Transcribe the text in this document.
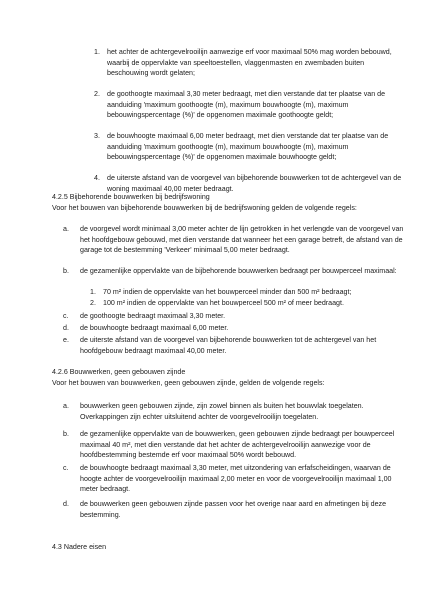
1. het achter de achtergevelrooilijn aanwezige erf voor maximaal 50% mag worden bebouwd, waarbij de oppervlakte van speeltoestellen, vlaggenmasten en zwembaden buiten beschouwing wordt gelaten;
2. de goothoogte maximaal 3,30 meter bedraagt, met dien verstande dat ter plaatse van de aanduiding 'maximum goothoogte (m), maximum bouwhoogte (m), maximum bebouwingspercentage (%)' de opgenomen maximale goothoogte geldt;
3. de bouwhoogte maximaal 6,00 meter bedraagt, met dien verstande dat ter plaatse van de aanduiding 'maximum goothoogte (m), maximum bouwhoogte (m), maximum bebouwingspercentage (%)' de opgenomen maximale bouwhoogte geldt;
4. de uiterste afstand van de voorgevel van bijbehorende bouwwerken tot de achtergevel van de woning maximaal 40,00 meter bedraagt.
4.2.5 Bijbehorende bouwwerken bij bedrijfswoning
Voor het bouwen van bijbehorende bouwwerken bij de bedrijfswoning gelden de volgende regels:
a. de voorgevel wordt minimaal 3,00 meter achter de lijn getrokken in het verlengde van de voorgevel van het hoofdgebouw gebouwd, met dien verstande dat wanneer het een garage betreft, de afstand van de garage tot de bestemming 'Verkeer' minimaal 5,00 meter bedraagt.
b. de gezamenlijke oppervlakte van de bijbehorende bouwwerken bedraagt per bouwperceel maximaal:
1. 70 m² indien de oppervlakte van het bouwperceel minder dan 500 m² bedraagt;
2. 100 m² indien de oppervlakte van het bouwperceel 500 m² of meer bedraagt.
c. de goothoogte bedraagt maximaal 3,30 meter.
d. de bouwhoogte bedraagt maximaal 6,00 meter.
e. de uiterste afstand van de voorgevel van bijbehorende bouwwerken tot de achtergevel van het hoofdgebouw bedraagt maximaal 40,00 meter.
4.2.6 Bouwwerken, geen gebouwen zijnde
Voor het bouwen van bouwwerken, geen gebouwen zijnde, gelden de volgende regels:
a. bouwwerken geen gebouwen zijnde, zijn zowel binnen als buiten het bouwvlak toegelaten. Overkappingen zijn echter uitsluitend achter de voorgevelrooilijn toegelaten.
b. de gezamenlijke oppervlakte van de bouwwerken, geen gebouwen zijnde bedraagt per bouwperceel maximaal 40 m², met dien verstande dat het achter de achtergevelrooilijn aanwezige voor de hoofdbestemming bestemde erf voor maximaal 50% wordt bebouwd.
c. de bouwhoogte bedraagt maximaal 3,30 meter, met uitzondering van erfafscheidingen, waarvan de hoogte achter de voorgevelrooilijn maximaal 2,00 meter en voor de voorgevelrooilijn maximaal 1,00 meter bedraagt.
d. de bouwwerken geen gebouwen zijnde passen voor het overige naar aard en afmetingen bij deze bestemming.
4.3 Nadere eisen
